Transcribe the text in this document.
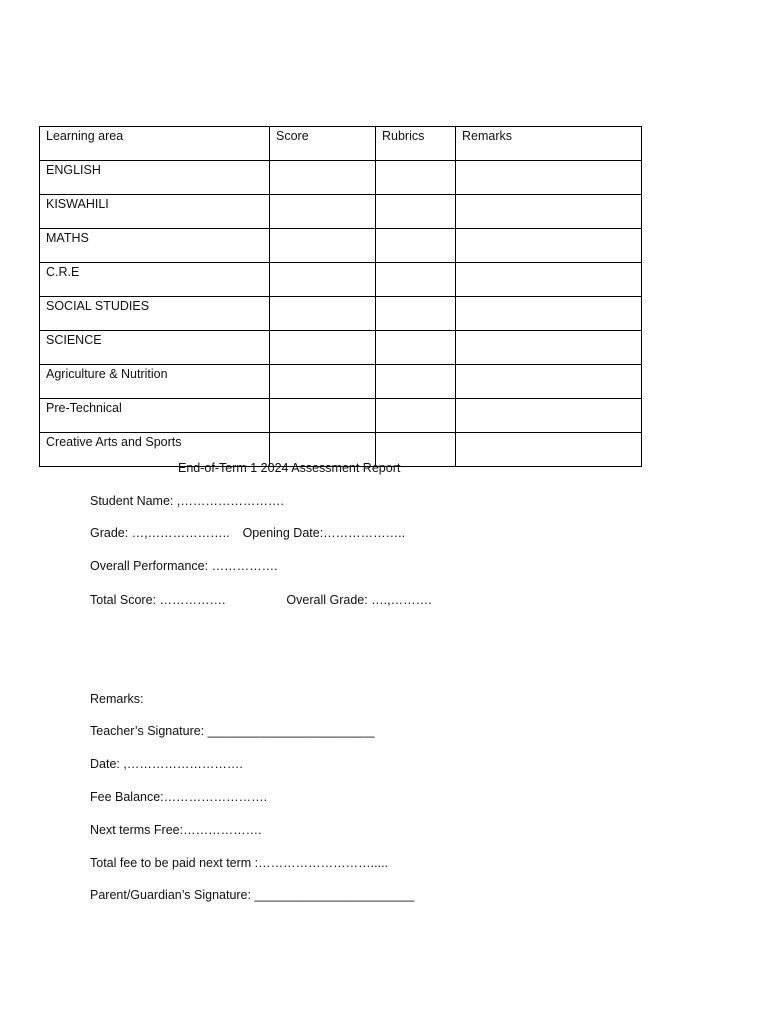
Learning area	Score	Rubrics	Remarks
ENGLISH			
KISWAHILI			
MATHS			
C.R.E			
SOCIAL STUDIES			
SCIENCE			
Agriculture & Nutrition			
Pre-Technical			
Creative Arts and Sports			
End-of-Term 1 2024 Assessment Report
Student Name: ,…………………….
Grade: …,……………….. Opening Date:………………..
Overall Performance: …………….
Total Score: …………….	Overall Grade: ….,……….
Remarks:
Teacher’s Signature: ________________________
Date: ,……………………….
Fee Balance:…………………….
Next terms Free:……………….
Total fee to be paid next term :……………………….....
Parent/Guardian’s Signature: _______________________
